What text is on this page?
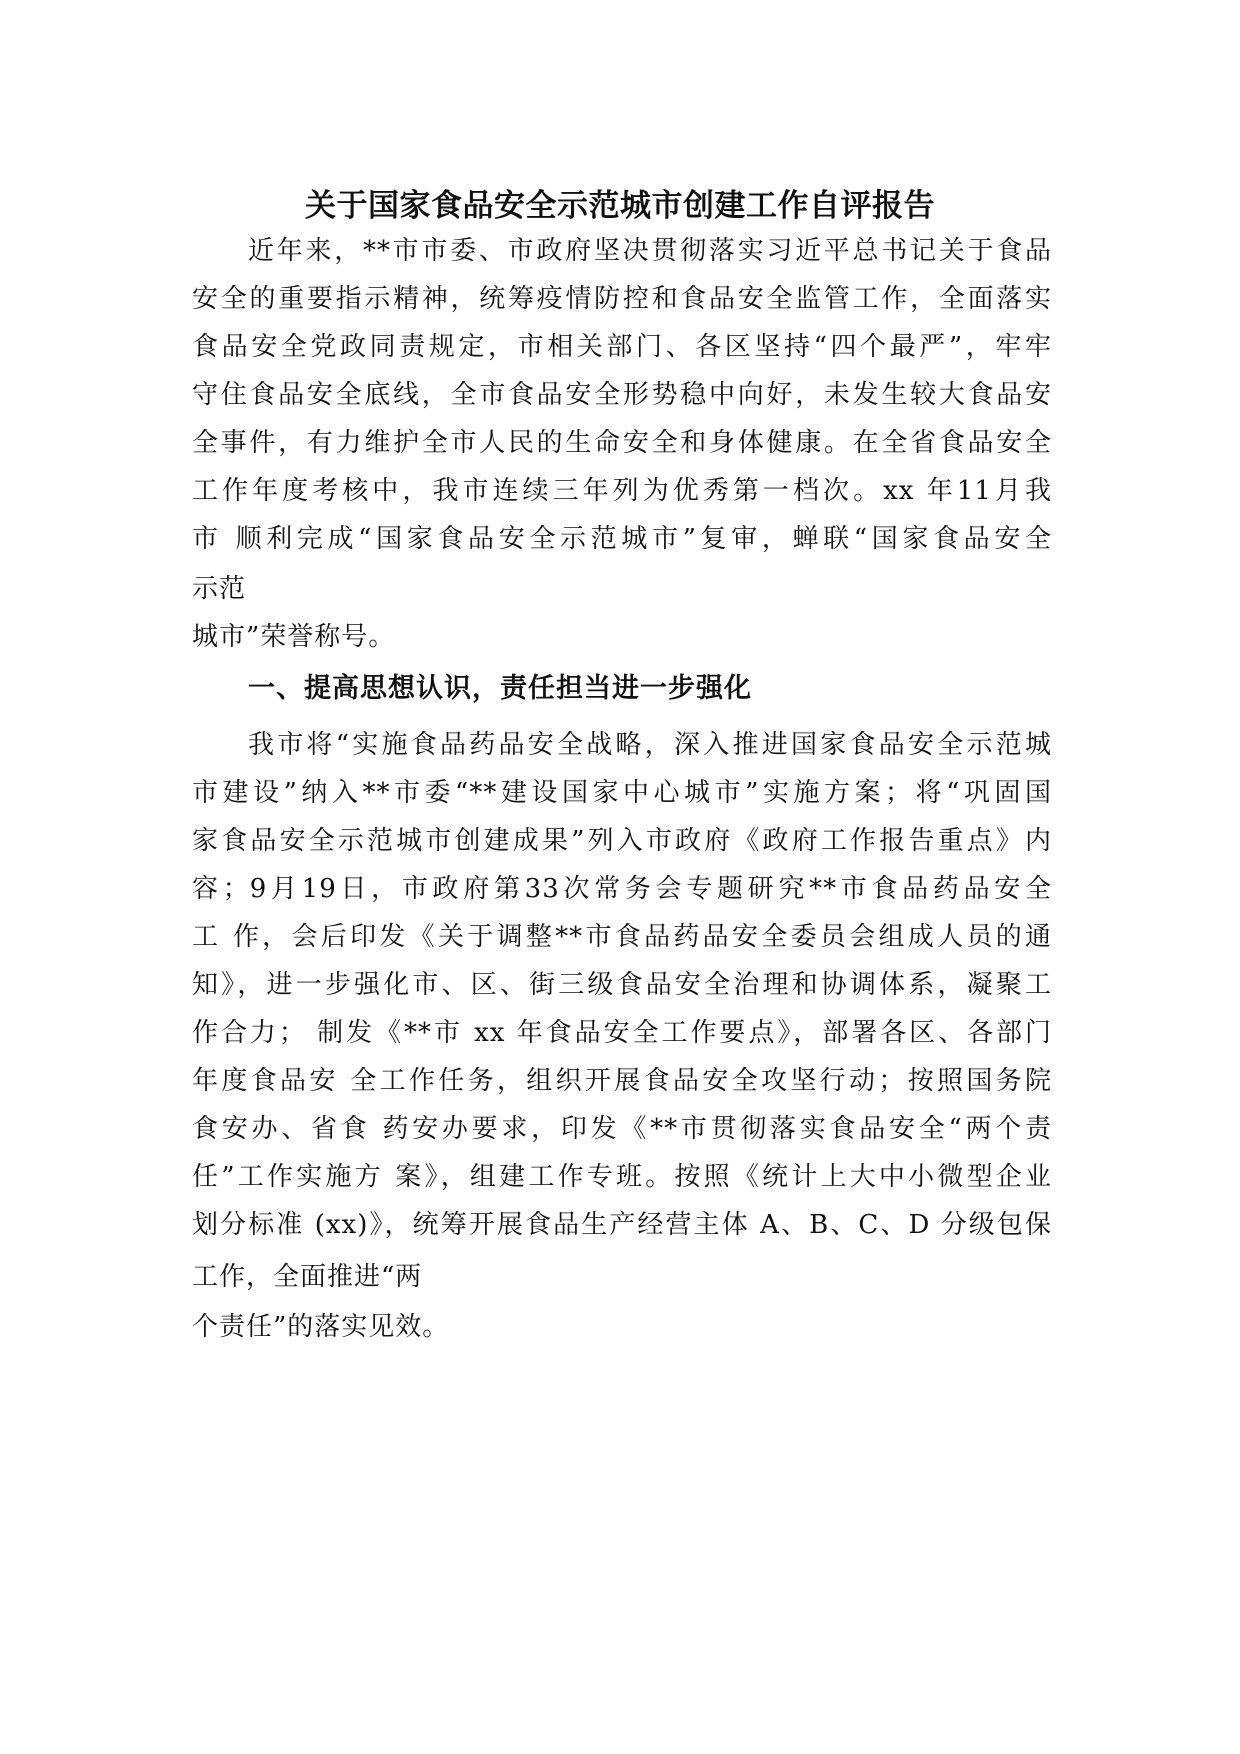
关于国家食品安全示范城市创建工作自评报告
近年来，**市市委、市政府坚决贯彻落实习近平总书记关于食品
安全的重要指示精神，统筹疫情防控和食品安全监管工作，全面落实
食品安全党政同责规定，市相关部门、各区坚持“四个最严”，牢牢
守住食品安全底线，全市食品安全形势稳中向好，未发生较大食品安
全事件，有力维护全市人民的生命安全和身体健康。在全省食品安全
工作年度考核中，我市连续三年列为优秀第一档次。xx 年11月我
市 顺利完成“国家食品安全示范城市”复审，蝉联“国家食品安全
示范
城市”荣誉称号。
一、提高思想认识，责任担当进一步强化
我市将“实施食品药品安全战略，深入推进国家食品安全示范城
市建设”纳入**市委“**建设国家中心城市”实施方案；将“巩固国
家食品安全示范城市创建成果”列入市政府《政府工作报告重点》内
容；9月19日，市政府第33次常务会专题研究**市食品药品安全
工 作，会后印发《关于调整**市食品药品安全委员会组成人员的通
知》，进一步强化市、区、街三级食品安全治理和协调体系，凝聚工
作合力； 制发《**市 xx 年食品安全工作要点》，部署各区、各部门
年度食品安 全工作任务，组织开展食品安全攻坚行动；按照国务院
食安办、省食 药安办要求，印发《**市贯彻落实食品安全“两个责
任”工作实施方 案》，组建工作专班。按照《统计上大中小微型企业
划分标准 (xx)》，统筹开展食品生产经营主体 A、B、C、D 分级包保
工作，全面推进“两
个责任”的落实见效。
